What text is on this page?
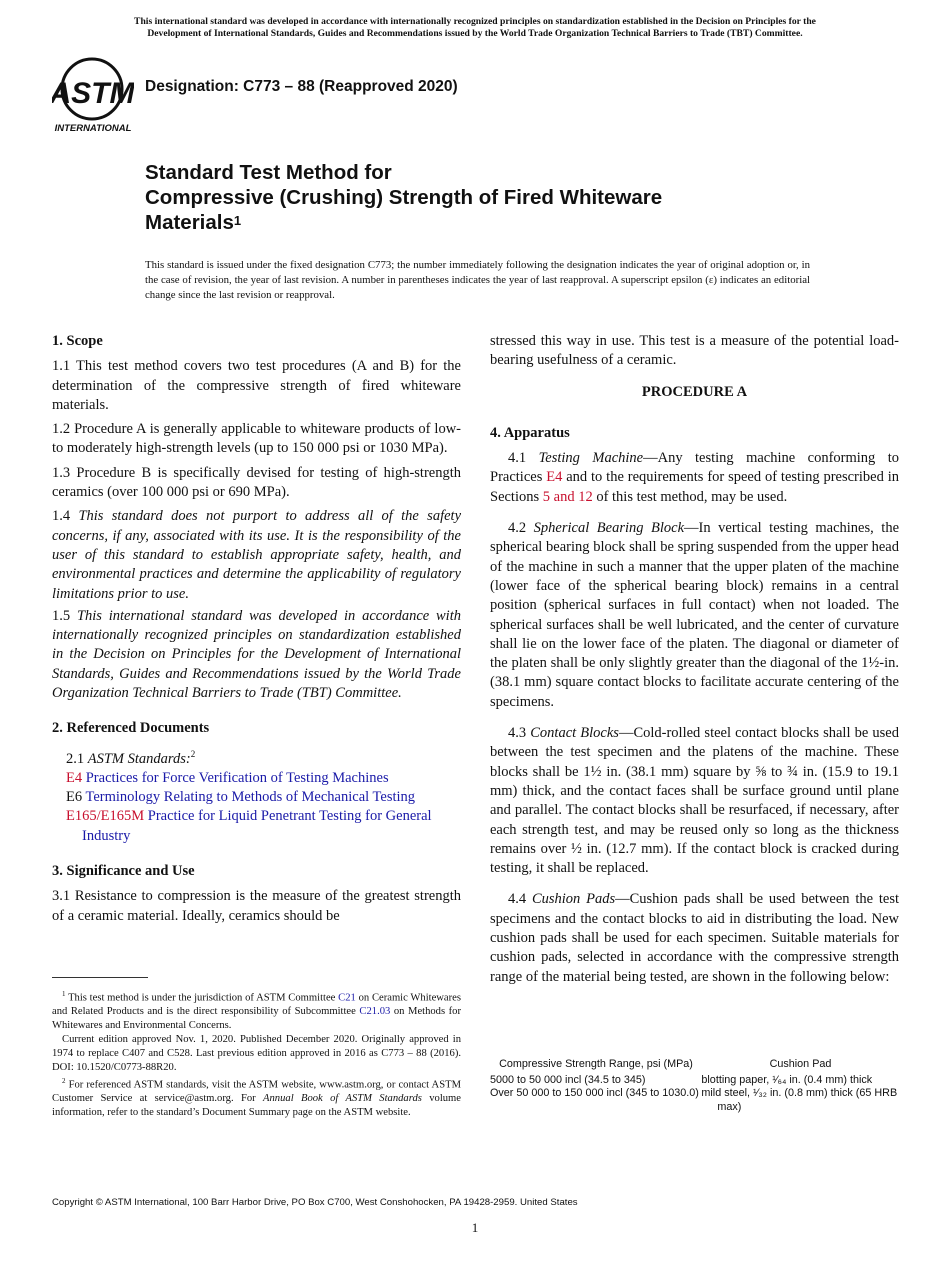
This international standard was developed in accordance with internationally recognized principles on standardization established in the Decision on Principles for the
Development of International Standards, Guides and Recommendations issued by the World Trade Organization Technical Barriers to Trade (TBT) Committee.
ASTM
INTERNATIONAL
Designation: C773 – 88 (Reapproved 2020)
Standard Test Method for
Compressive (Crushing) Strength of Fired Whiteware
Materials$^1$
This standard is issued under the fixed designation C773; the number immediately following the designation indicates the year of original adoption or, in the case of revision, the year of last revision. A number in parentheses indicates the year of last reapproval. A superscript epsilon (ε) indicates an editorial change since the last revision or reapproval.
1. Scope

1.1 This test method covers two test procedures (A and B) for the determination of the compressive strength of fired whiteware materials.

1.2 Procedure A is generally applicable to whiteware products of low- to moderately high-strength levels (up to 150 000 psi or 1030 MPa).

1.3 Procedure B is specifically devised for testing of high-strength ceramics (over 100 000 psi or 690 MPa).

1.4 This standard does not purport to address all of the safety concerns, if any, associated with its use. It is the responsibility of the user of this standard to establish appropriate safety, health, and environmental practices and determine the applicability of regulatory limitations prior to use.

1.5 This international standard was developed in accordance with internationally recognized principles on standardization established in the Decision on Principles for the Development of International Standards, Guides and Recommendations issued by the World Trade Organization Technical Barriers to Trade (TBT) Committee.

2. Referenced Documents

2.1 ASTM Standards:$^2$

E4 Practices for Force Verification of Testing Machines

E6 Terminology Relating to Methods of Mechanical Testing

E165/E165M Practice for Liquid Penetrant Testing for General Industry

3. Significance and Use

3.1 Resistance to compression is the measure of the greatest strength of a ceramic material. Ideally, ceramics should be

$^1$ This test method is under the jurisdiction of ASTM Committee C21 on Ceramic Whitewares and Related Products and is the direct responsibility of Subcommittee C21.03 on Methods for Whitewares and Environmental Concerns.

Current edition approved Nov. 1, 2020. Published December 2020. Originally approved in 1974 to replace C407 and C528. Last previous edition approved in 2016 as C773 – 88 (2016). DOI: 10.1520/C0773-88R20.

$^2$ For referenced ASTM standards, visit the ASTM website, www.astm.org, or contact ASTM Customer Service at service@astm.org. For Annual Book of ASTM Standards volume information, refer to the standard’s Document Summary page on the ASTM website.

stressed this way in use. This test is a measure of the potential load-bearing usefulness of a ceramic.

PROCEDURE A

4. Apparatus

4.1 Testing Machine—Any testing machine conforming to Practices E4 and to the requirements for speed of testing prescribed in Sections 5 and 12 of this test method, may be used.

4.2 Spherical Bearing Block—In vertical testing machines, the spherical bearing block shall be spring suspended from the upper head of the machine in such a manner that the upper platen of the machine (lower face of the spherical bearing block) remains in a central position (spherical surfaces in full contact) when not loaded. The spherical surfaces shall be well lubricated, and the center of curvature shall lie on the lower face of the platen. The diagonal or diameter of the platen shall be only slightly greater than the diagonal of the 1½-in. (38.1 mm) square contact blocks to facilitate accurate centering of the specimens.

4.3 Contact Blocks—Cold-rolled steel contact blocks shall be used between the test specimen and the platens of the machine. These blocks shall be 1½ in. (38.1 mm) square by ⅝ to ¾ in. (15.9 to 19.1 mm) thick, and the contact faces shall be surface ground until plane and parallel. The contact blocks shall be resurfaced, if necessary, after each strength test, and may be reused only so long as the thickness remains over ½ in. (12.7 mm). If the contact block is cracked during testing, it shall be replaced.

4.4 Cushion Pads—Cushion pads shall be used between the test specimens and the contact blocks to aid in distributing the load. New cushion pads shall be used for each specimen. Suitable materials for cushion pads, selected in accordance with the compressive strength range of the material being tested, are shown in the following below:

Compressive Strength Range, psi (MPa)	Cushion Pad
5000 to 50 000 incl (34.5 to 345)	blotting paper, ¹⁄₆₄ in. (0.4 mm) thick
Over 50 000 to 150 000 incl (345 to 1030.0) mild steel, ¹⁄₃₂ in. (0.8 mm) thick (65 HRB max)
Copyright © ASTM International, 100 Barr Harbor Drive, PO Box C700, West Conshohocken, PA 19428-2959. United States
1
